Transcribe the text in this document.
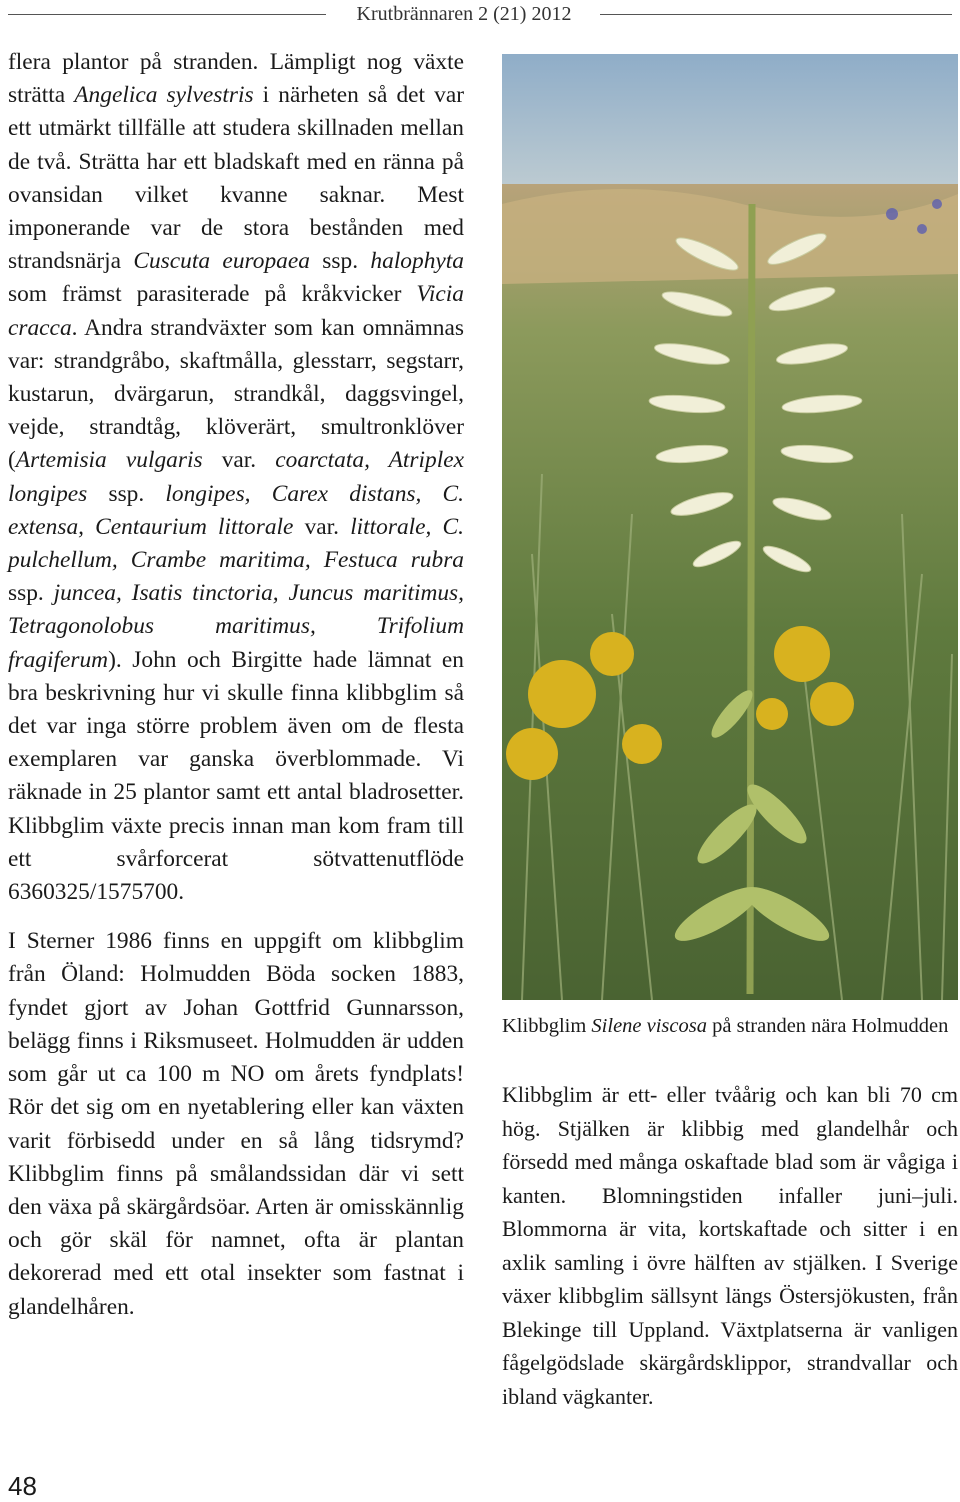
Krutbrännaren 2 (21) 2012

flera plantor på stranden. Lämpligt nog växte strätta Angelica sylvestris i närheten så det var ett utmärkt tillfälle att studera skillnaden mellan de två. Strätta har ett bladskaft med en ränna på ovansidan vilket kvanne saknar. Mest imponerande var de stora bestånden med strandsnärja Cuscuta europaea ssp. halophyta som främst parasiterade på kråkvicker Vicia cracca. Andra strandväxter som kan omnämnas var: strandgråbo, skaftmålla, glesstarr, segstarr, kustarun, dvärgarun, strandkål, daggsvingel, vejde, strandtåg, klöverärt, smultronklöver (Artemisia vulgaris var. coarctata, Atriplex longipes ssp. longipes, Carex distans, C. extensa, Centaurium littorale var. littorale, C. pulchellum, Crambe maritima, Festuca rubra ssp. juncea, Isatis tinctoria, Juncus maritimus, Tetragonolobus maritimus, Trifolium fragiferum). John och Birgitte hade lämnat en bra beskrivning hur vi skulle finna klibbglim så det var inga större problem även om de flesta exemplaren var ganska överblommade. Vi räknade in 25 plantor samt ett antal bladrosetter. Klibbglim växte precis innan man kom fram till ett svårforcerat sötvattenutflöde 6360325/1575700.

I Sterner 1986 finns en uppgift om klibbglim från Öland: Holmudden Böda socken 1883, fyndet gjort av Johan Gottfrid Gunnarsson, belägg finns i Riksmuseet. Holmudden är udden som går ut ca 100 m NO om årets fyndplats! Rör det sig om en nyetablering eller kan växten varit förbisedd under en så lång tidsrymd? Klibbglim finns på smålandssidan där vi sett den växa på skärgårdsöar. Arten är omisskännlig och gör skäl för namnet, ofta är plantan dekorerad med ett otal insekter som fastnat i glandelhåren.

Klibbglim Silene viscosa på stranden nära Holmudden
Klibbglim är ett- eller tvåårig och kan bli 70 cm hög. Stjälken är klibbig med glandelhår och försedd med många oskaftade blad som är vågiga i kanten. Blomningstiden infaller juni–juli. Blommorna är vita, kortskaftade och sitter i en axlik samling i övre hälften av stjälken. I Sverige växer klibbglim sällsynt längs Östersjökusten, från Blekinge till Uppland. Växtplatserna är vanligen fågelgödslade skärgårdsklippor, strandvallar och ibland vägkanter.
48
